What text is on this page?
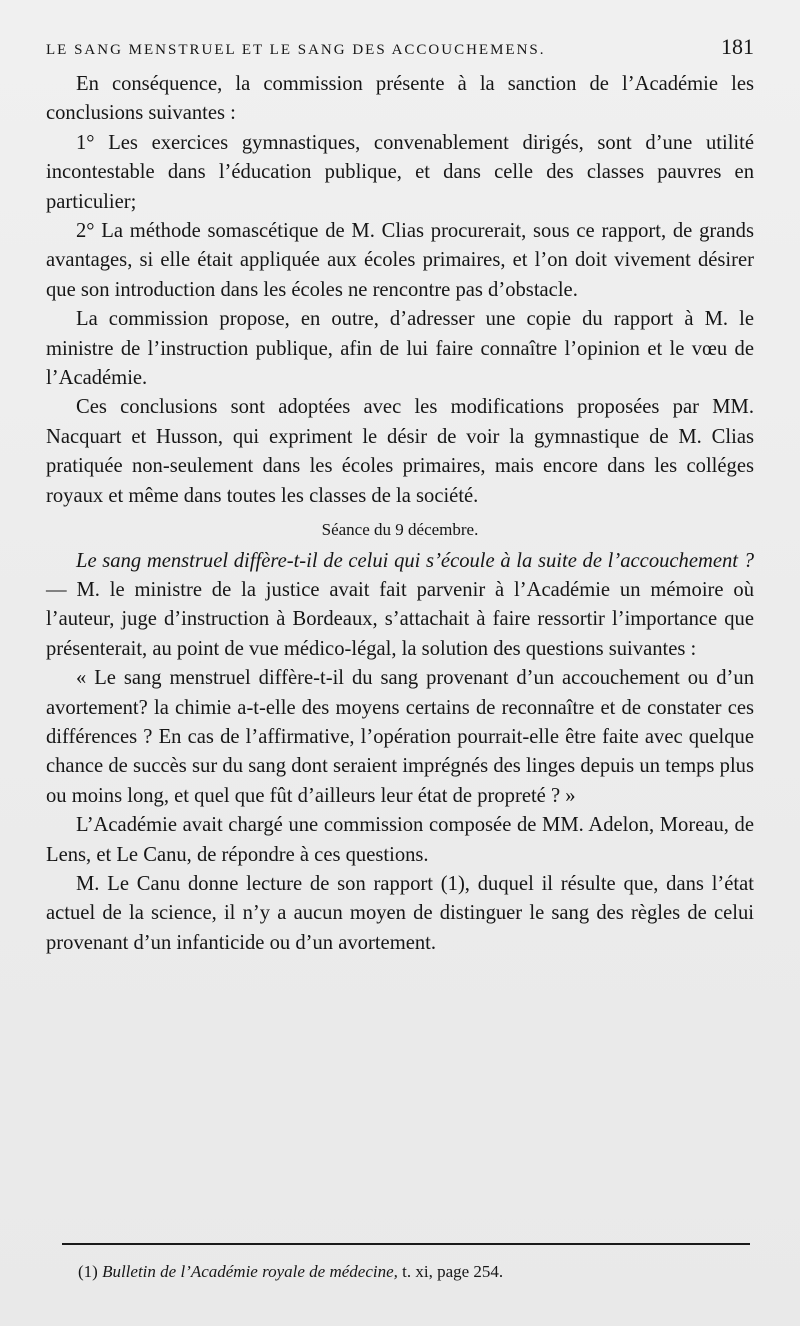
LE SANG MENSTRUEL ET LE SANG DES ACCOUCHEMENS.	181

En conséquence, la commission présente à la sanction de l’Académie les conclusions suivantes :

1° Les exercices gymnastiques, convenablement dirigés, sont d’une utilité incontestable dans l’éducation publique, et dans celle des classes pauvres en particulier;

2° La méthode somascétique de M. Clias procurerait, sous ce rapport, de grands avantages, si elle était appliquée aux écoles primaires, et l’on doit vivement désirer que son introduction dans les écoles ne rencontre pas d’obstacle.

La commission propose, en outre, d’adresser une copie du rapport à M. le ministre de l’instruction publique, afin de lui faire connaître l’opinion et le vœu de l’Académie.

Ces conclusions sont adoptées avec les modifications proposées par MM. Nacquart et Husson, qui expriment le désir de voir la gymnastique de M. Clias pratiquée non-seulement dans les écoles primaires, mais encore dans les colléges royaux et même dans toutes les classes de la société.

Séance du 9 décembre.

Le sang menstruel diffère-t-il de celui qui s’écoule à la suite de l’accouchement ? — M. le ministre de la justice avait fait parvenir à l’Académie un mémoire où l’auteur, juge d’instruction à Bordeaux, s’attachait à faire ressortir l’importance que présenterait, au point de vue médico-légal, la solution des questions suivantes :

« Le sang menstruel diffère-t-il du sang provenant d’un accouchement ou d’un avortement? la chimie a-t-elle des moyens certains de reconnaître et de constater ces différences ? En cas de l’affirmative, l’opération pourrait-elle être faite avec quelque chance de succès sur du sang dont seraient imprégnés des linges depuis un temps plus ou moins long, et quel que fût d’ailleurs leur état de propreté ? »

L’Académie avait chargé une commission composée de MM. Adelon, Moreau, de Lens, et Le Canu, de répondre à ces questions.

M. Le Canu donne lecture de son rapport (1), duquel il résulte que, dans l’état actuel de la science, il n’y a aucun moyen de distinguer le sang des règles de celui provenant d’un infanticide ou d’un avortement.

(1) Bulletin de l’Académie royale de médecine, t. xi, page 254.
